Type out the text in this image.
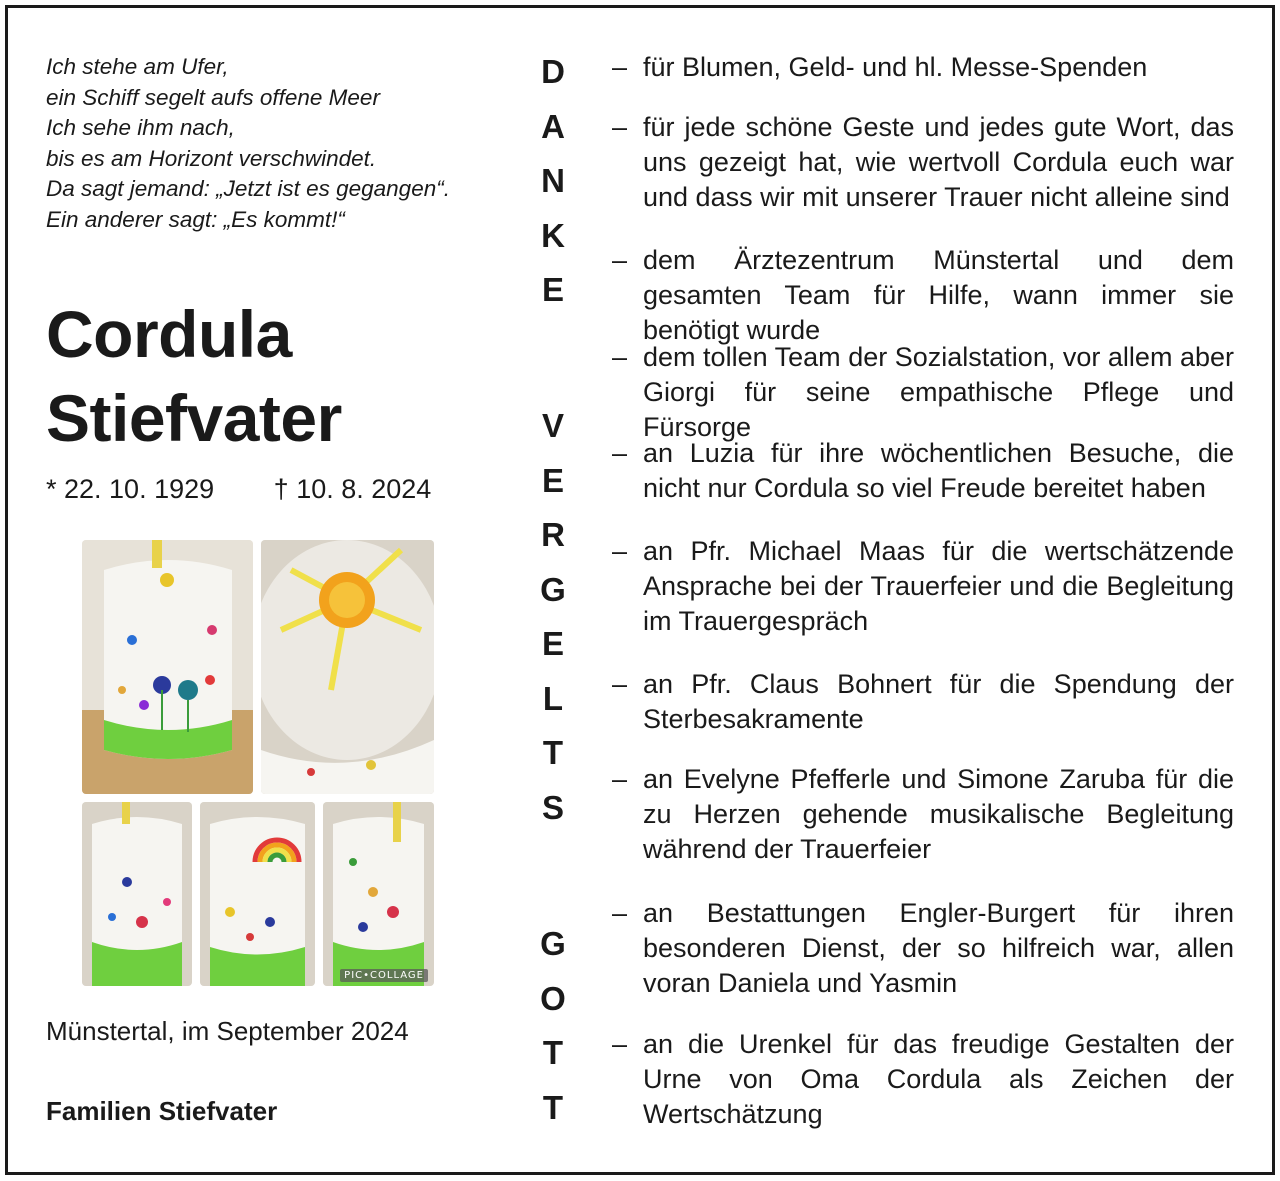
Ich stehe am Ufer,
ein Schiff segelt aufs offene Meer
Ich sehe ihm nach,
bis es am Horizont verschwindet.
Da sagt jemand: „Jetzt ist es gegangen“.
Ein anderer sagt: „Es kommt!“
Cordula
Stiefvater
* 22. 10. 1929 † 10. 8. 2024
Münstertal, im September 2024
Familien Stiefvater
PIC•COLLAGE
D
A
N
K
E
V
E
R
G
E
L
T
S
G
O
T
T
– für Blumen, Geld- und hl. Messe-Spenden
– für jede schöne Geste und jedes gute Wort, das uns gezeigt hat, wie wertvoll Cordula euch war und dass wir mit unserer Trauer nicht alleine sind
– dem Ärztezentrum Münstertal und dem gesamten Team für Hilfe, wann immer sie benötigt wurde
– dem tollen Team der Sozialstation, vor allem aber Giorgi für seine empathische Pflege und Fürsorge
– an Luzia für ihre wöchentlichen Besuche, die nicht nur Cordula so viel Freude bereitet haben
– an Pfr. Michael Maas für die wertschätzende Ansprache bei der Trauerfeier und die Begleitung im Trauergespräch
– an Pfr. Claus Bohnert für die Spendung der Sterbesakramente
– an Evelyne Pfefferle und Simone Zaruba für die zu Herzen gehende musikalische Begleitung während der Trauerfeier
– an Bestattungen Engler-Burgert für ihren besonderen Dienst, der so hilfreich war, allen voran Daniela und Yasmin
– an die Urenkel für das freudige Gestalten der Urne von Oma Cordula als Zeichen der Wertschätzung
